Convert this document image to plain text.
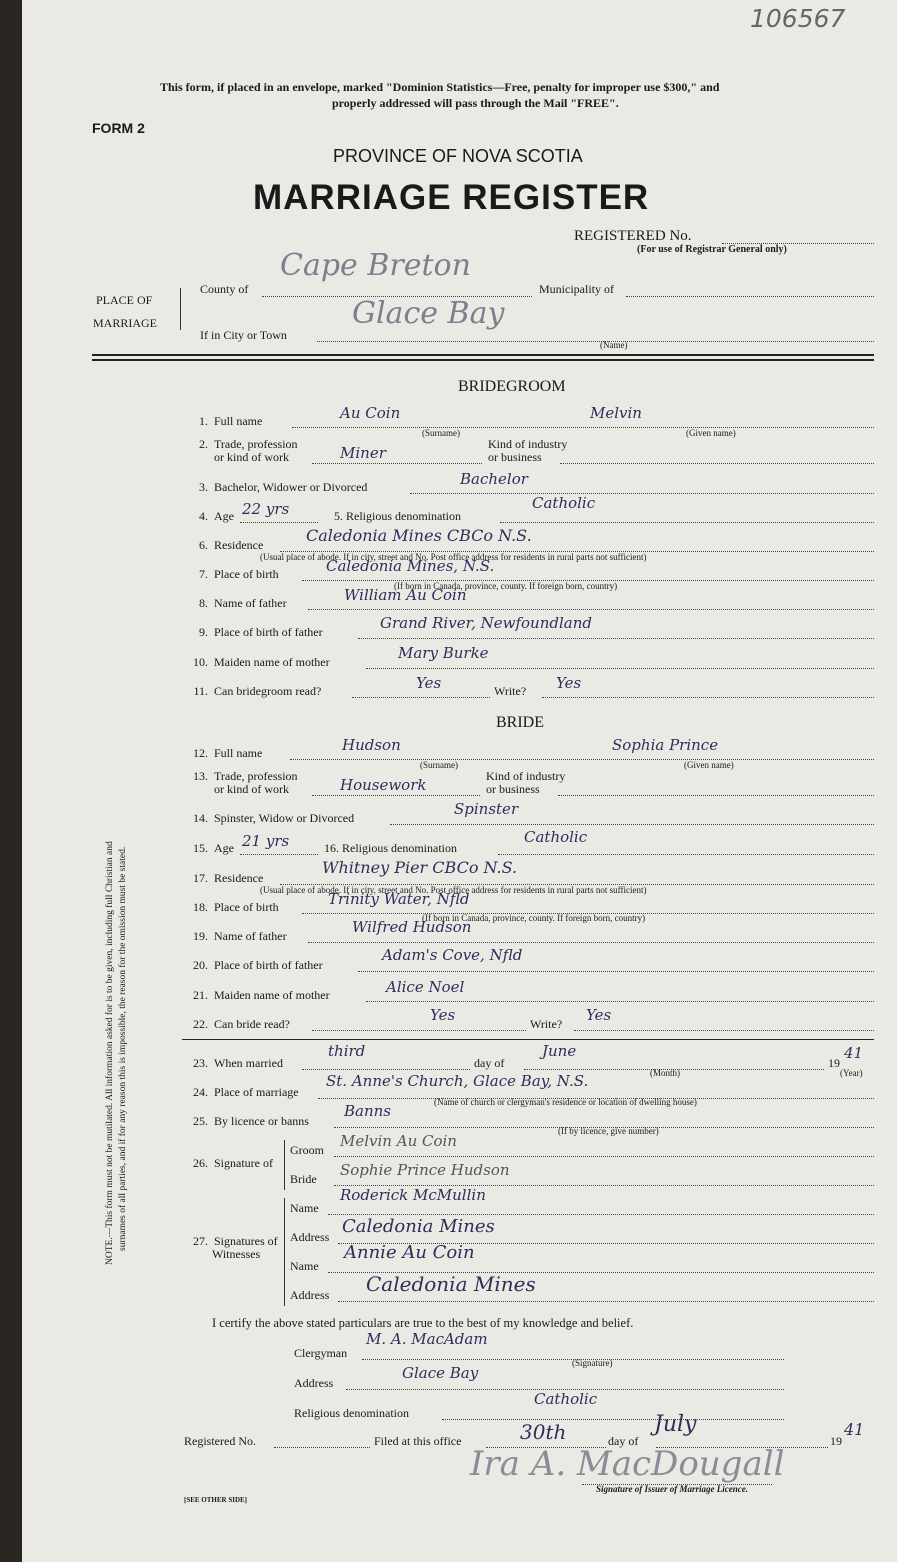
106567
This form, if placed in an envelope, marked "Dominion Statistics—Free, penalty for improper use $300," and
properly addressed will pass through the Mail "FREE".
FORM 2
PROVINCE OF NOVA SCOTIA
MARRIAGE REGISTER
REGISTERED No.
(For use of Registrar General only)
PLACE OF
MARRIAGE
County of
Cape Breton
Municipality of
If in City or Town
Glace Bay
(Name)
BRIDEGROOM
1. Full name	Au Coin	Melvin
(Surname)	(Given name)
2. Trade, profession
or kind of work	Miner	Kind of industry
or business
3. Bachelor, Widower or Divorced	Bachelor
4. Age 22 yrs	5. Religious denomination
Catholic
6. Residence	Caledonia Mines CBCo N.S.
(Usual place of abode. If in city, street and No. Post office address for residents in rural parts not sufficient)
7. Place of birth	Caledonia Mines, N.S.
(If born in Canada, province, county. If foreign born, country)
8. Name of father	William Au Coin
9. Place of birth of father	Grand River, Newfoundland
10. Maiden name of mother	Mary Burke
11. Can bridegroom read?	Yes	Write? Yes
BRIDE
12. Full name	Hudson	Sophia Prince
(Surname)	(Given name)
13. Trade, profession
or kind of work	Housework	Kind of industry
or business
14. Spinster, Widow or Divorced	Spinster
15. Age 21 yrs	16. Religious denomination
Catholic
17. Residence
Whitney Pier CBCo N.S.
(Usual place of abode. If in city, street and No. Post office address for residents in rural parts not sufficient)
18. Place of birth	Trinity Water, Nfld
(If born in Canada, province, county. If foreign born, country)
19. Name of father	Wilfred Hudson
20. Place of birth of father
Adam's Cove, Nfld
21. Maiden name of mother	Alice Noel
22. Can bride read?	Yes	Write? Yes
23. When married
third
day of
June
(Month)
19
41
(Year)
24. Place of marriage
St. Anne's Church, Glace Bay, N.S.
(Name of church or clergyman's residence or location of dwelling house)
25. By licence or banns
Banns
(If by licence, give number)
26. Signature of
Groom Melvin Au Coin
Bride Sophie Prince Hudson
27. Signatures of
Witnesses
Name
Roderick McMullin
Address Caledonia Mines
Name
Annie Au Coin
Address Caledonia Mines
I certify the above stated particulars are true to the best of my knowledge and belief.
Clergyman
M. A. MacAdam
(Signature)
Address
Glace Bay
Religious denomination
Catholic
Registered No.	Filed at this office	30th	day of
July
19
41
Ira A. MacDougall
Signature of Issuer of Marriage Licence.
[SEE OTHER SIDE]
NOTE.—This form must not be mutilated. All information asked for is to be given, including full Christian and surnames of all parties, and if for any reason this is impossible, the reason for the omission must be stated.
